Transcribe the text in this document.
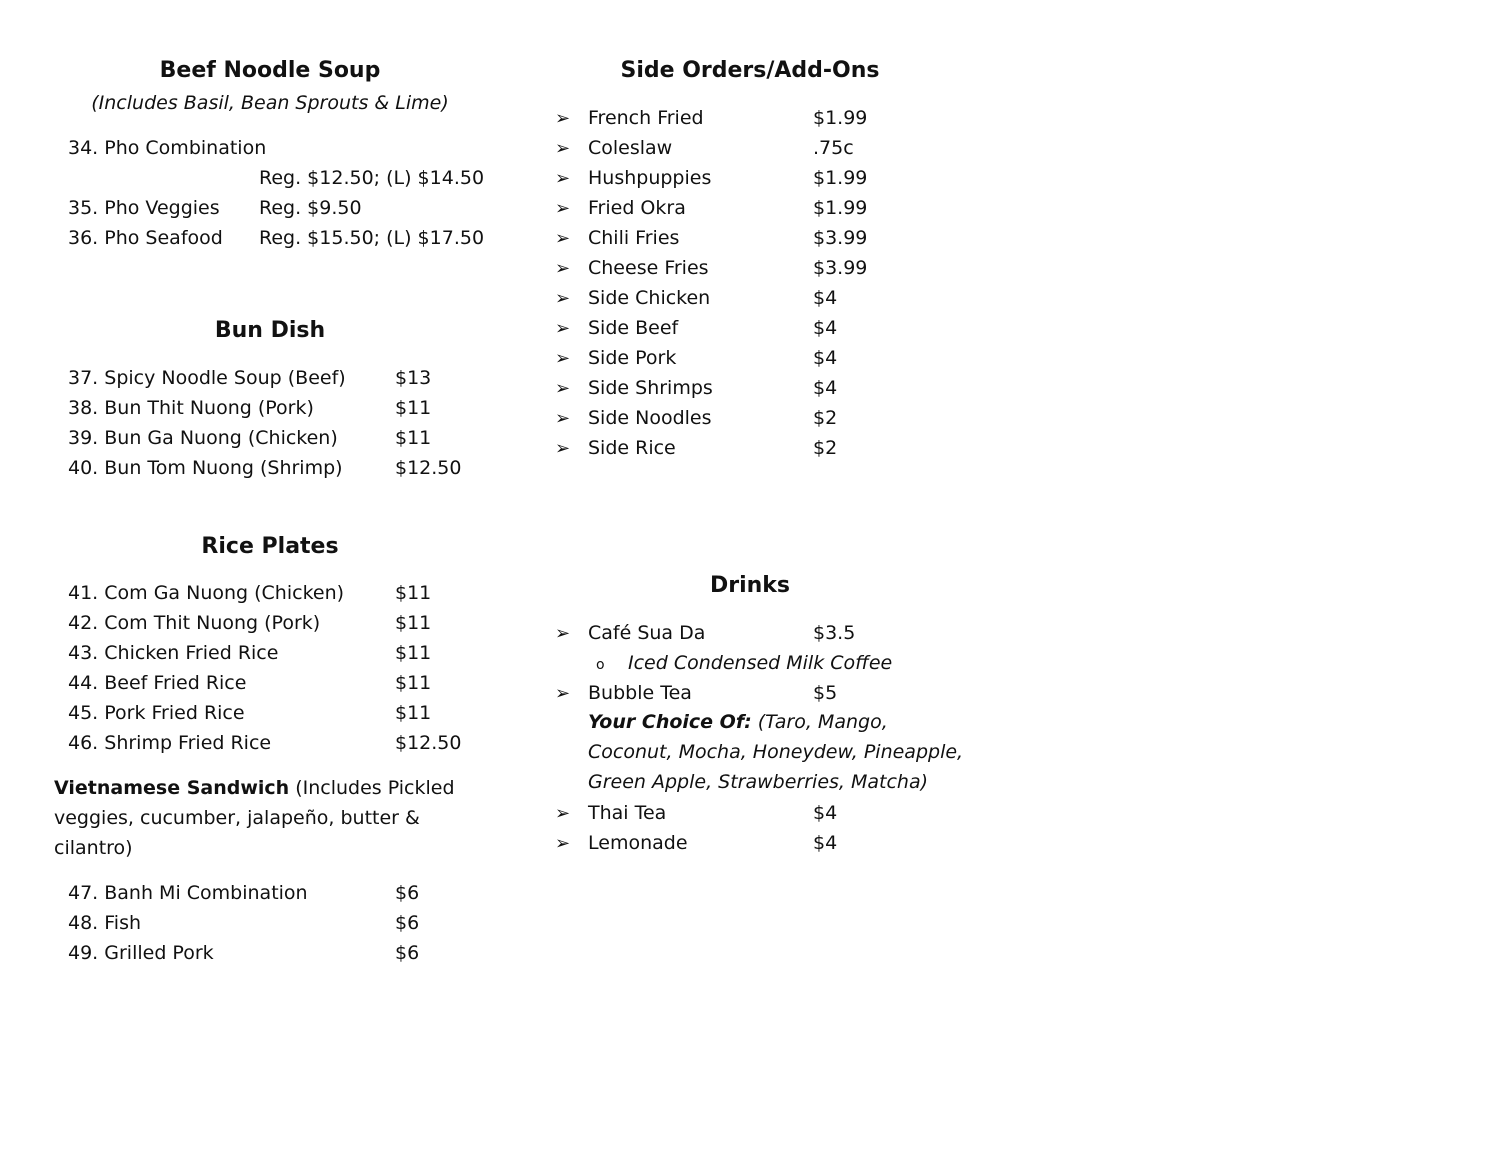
Beef Noodle Soup
(Includes Basil, Bean Sprouts & Lime)
34. Pho Combination
Reg. $12.50; (L) $14.50
35. Pho Veggies Reg. $9.50
36. Pho Seafood Reg. $15.50; (L) $17.50
Bun Dish
37. Spicy Noodle Soup (Beef)	$13
38. Bun Thit Nuong (Pork)	$11
39. Bun Ga Nuong (Chicken)	$11
40. Bun Tom Nuong (Shrimp)	$12.50
Rice Plates
41. Com Ga Nuong (Chicken)	$11
42. Com Thit Nuong (Pork)	$11
43. Chicken Fried Rice	$11
44. Beef Fried Rice	$11
45. Pork Fried Rice	$11
46. Shrimp Fried Rice	$12.50
Vietnamese Sandwich (Includes Pickled veggies, cucumber, jalapeño, butter & cilantro)
47. Banh Mi Combination	$6
48. Fish	$6
49. Grilled Pork	$6
Side Orders/Add-Ons
➢ French Fried	$1.99
➢ Coleslaw	.75c
➢ Hushpuppies	$1.99
➢ Fried Okra	$1.99
➢ Chili Fries	$3.99
➢ Cheese Fries	$3.99
➢ Side Chicken	$4
➢ Side Beef	$4
➢ Side Pork	$4
➢ Side Shrimps	$4
➢ Side Noodles	$2
➢ Side Rice	$2
Drinks
➢ Café Sua Da	$3.5
o Iced Condensed Milk Coffee
➢ Bubble Tea	$5
Your Choice Of: (Taro, Mango, Coconut, Mocha, Honeydew, Pineapple, Green Apple, Strawberries, Matcha)
➢ Thai Tea	$4
➢ Lemonade	$4
